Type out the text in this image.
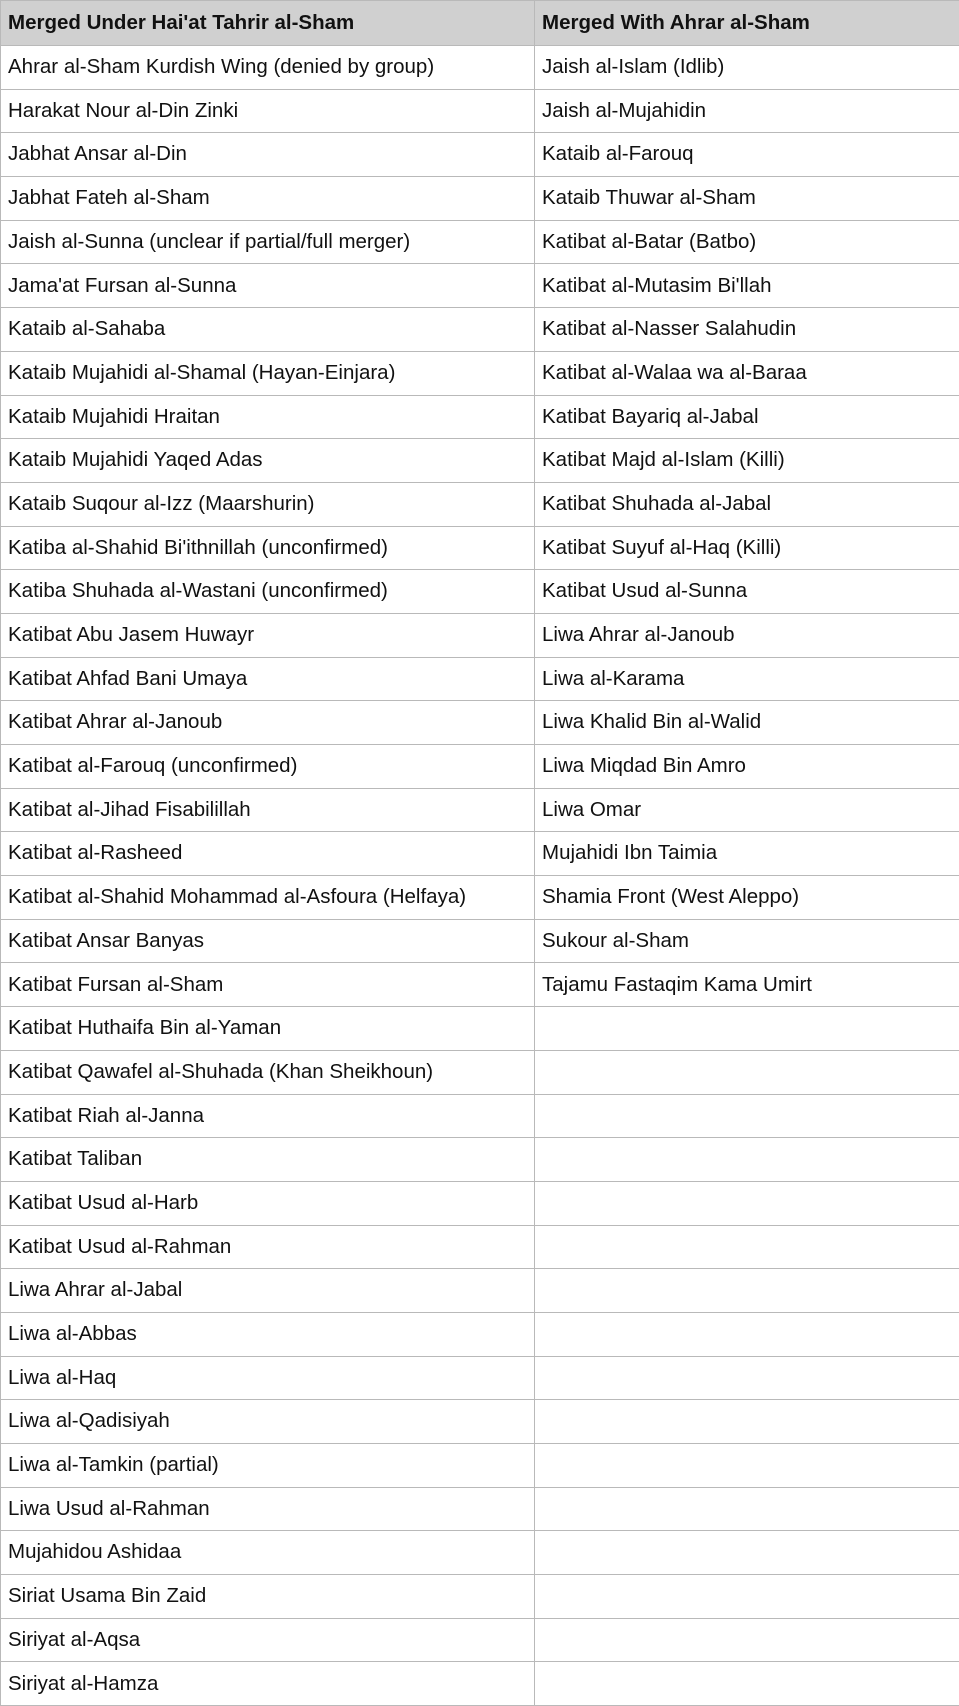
Merged Under Hai'at Tahrir al-Sham	Merged With Ahrar al-Sham
Ahrar al-Sham Kurdish Wing (denied by group)	Jaish al-Islam (Idlib)
Harakat Nour al-Din Zinki	Jaish al-Mujahidin
Jabhat Ansar al-Din	Kataib al-Farouq
Jabhat Fateh al-Sham	Kataib Thuwar al-Sham
Jaish al-Sunna (unclear if partial/full merger)	Katibat al-Batar (Batbo)
Jama'at Fursan al-Sunna	Katibat al-Mutasim Bi'llah
Kataib al-Sahaba	Katibat al-Nasser Salahudin
Kataib Mujahidi al-Shamal (Hayan-Einjara)	Katibat al-Walaa wa al-Baraa
Kataib Mujahidi Hraitan	Katibat Bayariq al-Jabal
Kataib Mujahidi Yaqed Adas	Katibat Majd al-Islam (Killi)
Kataib Suqour al-Izz (Maarshurin)	Katibat Shuhada al-Jabal
Katiba al-Shahid Bi'ithnillah (unconfirmed)	Katibat Suyuf al-Haq (Killi)
Katiba Shuhada al-Wastani (unconfirmed)	Katibat Usud al-Sunna
Katibat Abu Jasem Huwayr	Liwa Ahrar al-Janoub
Katibat Ahfad Bani Umaya	Liwa al-Karama
Katibat Ahrar al-Janoub	Liwa Khalid Bin al-Walid
Katibat al-Farouq (unconfirmed)	Liwa Miqdad Bin Amro
Katibat al-Jihad Fisabilillah	Liwa Omar
Katibat al-Rasheed	Mujahidi Ibn Taimia
Katibat al-Shahid Mohammad al-Asfoura (Helfaya)	Shamia Front (West Aleppo)
Katibat Ansar Banyas	Sukour al-Sham
Katibat Fursan al-Sham	Tajamu Fastaqim Kama Umirt
Katibat Huthaifa Bin al-Yaman	
Katibat Qawafel al-Shuhada (Khan Sheikhoun)	
Katibat Riah al-Janna	
Katibat Taliban	
Katibat Usud al-Harb	
Katibat Usud al-Rahman	
Liwa Ahrar al-Jabal	
Liwa al-Abbas	
Liwa al-Haq	
Liwa al-Qadisiyah	
Liwa al-Tamkin (partial)	
Liwa Usud al-Rahman	
Mujahidou Ashidaa	
Siriat Usama Bin Zaid	
Siriyat al-Aqsa	
Siriyat al-Hamza	
